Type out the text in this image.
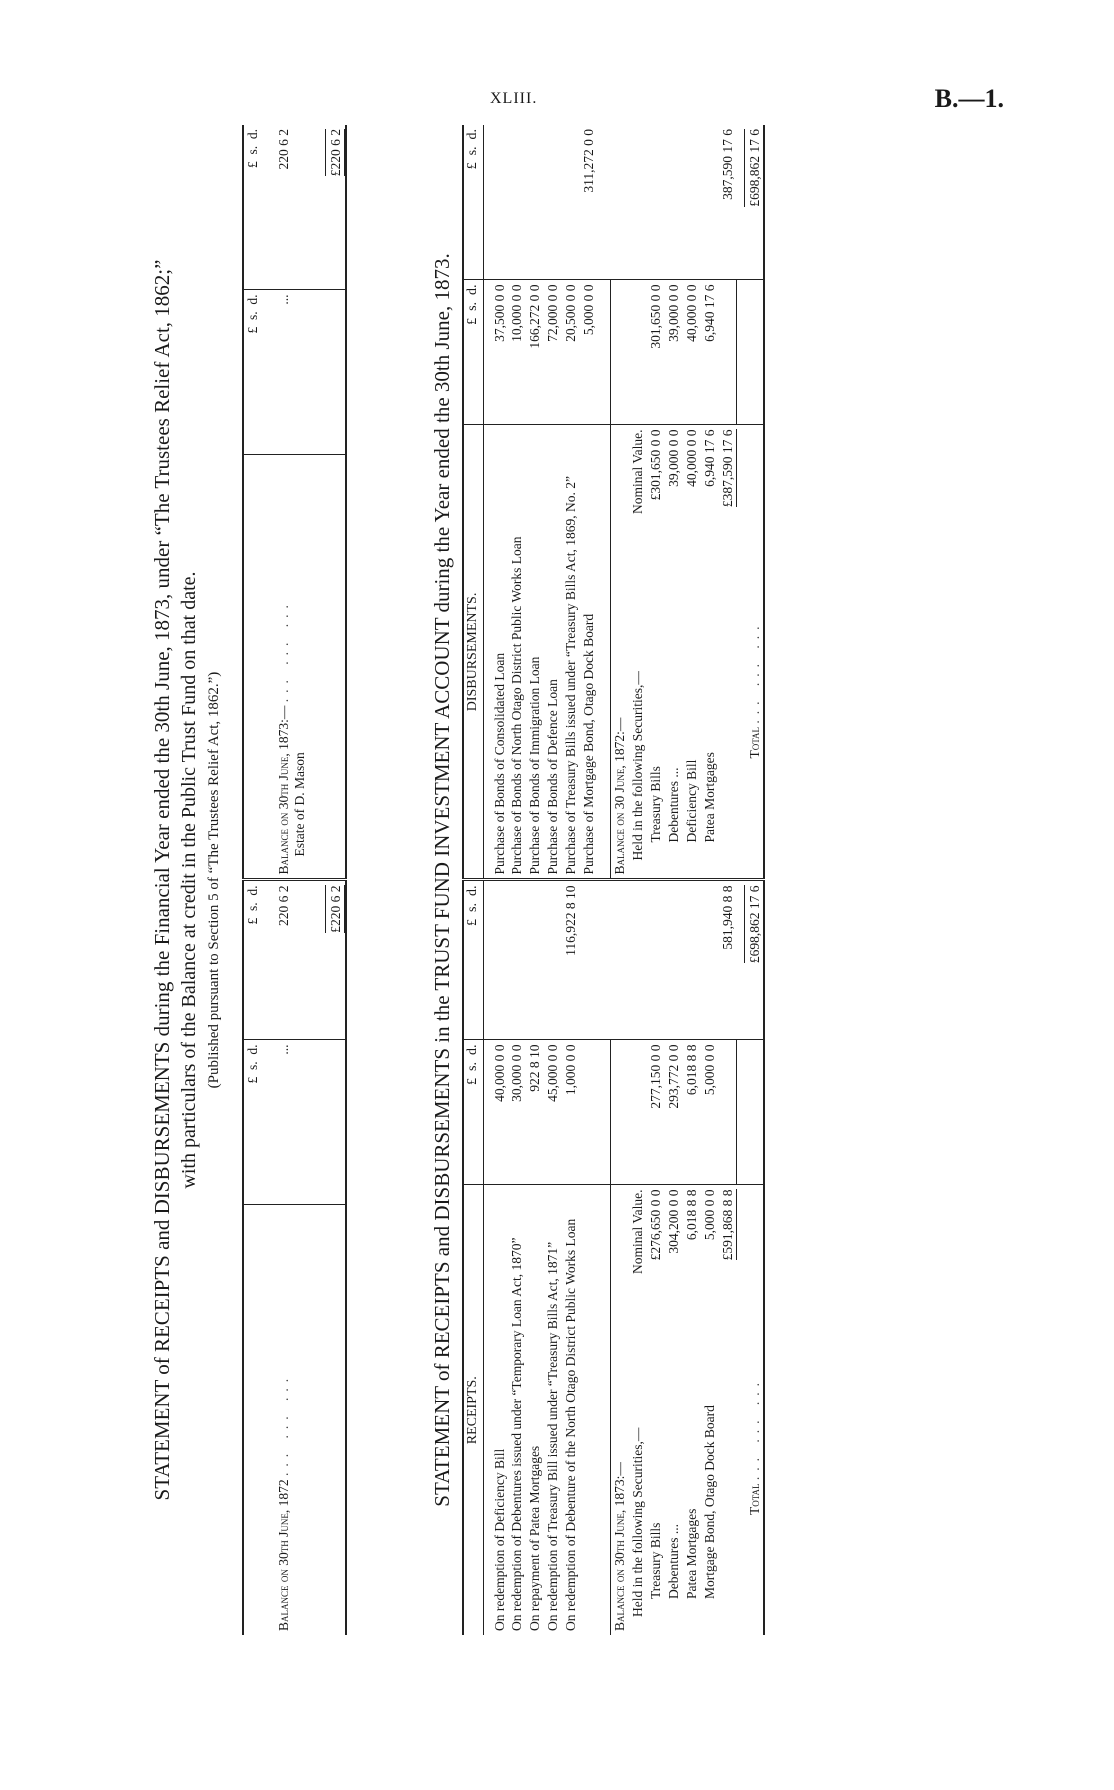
XLIII.	B.—1.
STATEMENT of RECEIPTS and DISBURSEMENTS during the Financial Year ended the 30th June, 1873, under “The Trustees Relief Act, 1862;” with particulars of the Balance at credit in the Public Trust Fund on that date. (Published pursuant to Section 5 of “The Trustees Relief Act, 1862.”)
	£  s.  d.	£  s.  d.		£  s.  d.	£  s.  d.
Balance on 30th June, 1872 ... ... ...	...	220 6 2	Balance on 30th June, 1873:— ... ... ...
Estate of D. Mason	...	220 6 2
		£220 6 2			£220 6 2
STATEMENT of RECEIPTS and DISBURSEMENTS in the TRUST FUND INVESTMENT ACCOUNT during the Year ended the 30th June, 1873. RECEIPTS.		£  s.  d.	£  s.  d.	DISBURSEMENTS.		£  s.  d.	£  s.  d.
On redemption of Deficiency Bill		40,000 0 0		Purchase of Bonds of Consolidated Loan		37,500 0 0	
On redemption of Debentures issued under “Temporary Loan Act, 1870”		30,000 0 0		Purchase of Bonds of North Otago District Public Works Loan		10,000 0 0	
On repayment of Patea Mortgages		922 8 10		Purchase of Bonds of Immigration Loan		166,272 0 0	
On redemption of Treasury Bill issued under “Treasury Bills Act, 1871”		45,000 0 0		Purchase of Bonds of Defence Loan		72,000 0 0	
On redemption of Debenture of the North Otago District Public Works Loan		1,000 0 0	116,922 8 10	Purchase of Treasury Bills issued under “Treasury Bills Act, 1869, No. 2”		20,500 0 0	
				Purchase of Mortgage Bond, Otago Dock Board		5,000 0 0	311,272 0 0

Balance on 30th June, 1873:—				Balance on 30 June, 1872:—			
Held in the following Securities,—	Nominal Value.			Held in the following Securities,—	Nominal Value.		
Treasury Bills	£276,650 0 0	277,150 0 0		Treasury Bills	£301,650 0 0	301,650 0 0	
Debentures ...	304,200 0 0	293,772 0 0		Debentures ...	39,000 0 0	39,000 0 0	
Patea Mortgages	6,018 8 8	6,018 8 8		Deficiency Bill	40,000 0 0	40,000 0 0	
Mortgage Bond, Otago Dock Board	5,000 0 0	5,000 0 0		Patea Mortgages	6,940 17 6	6,940 17 6	
	£591,868 8 8		581,940 8 8		£387,590 17 6		387,590 17 6
Total ... ... ...			£698,862 17 6	Total ... ... ...			£698,862 17 6
